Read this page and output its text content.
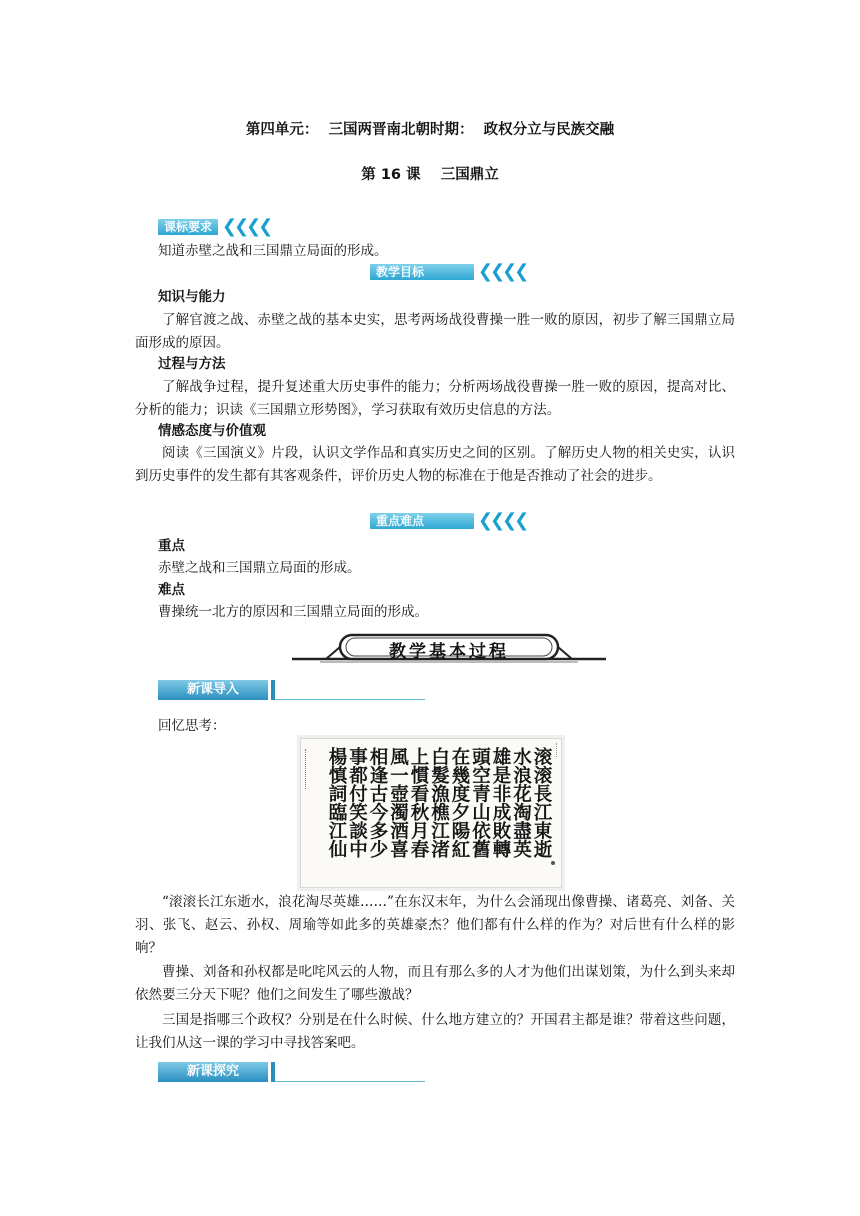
第四单元：  三国两晋南北朝时期：  政权分立与民族交融
第 16 课    三国鼎立
课标要求 ❮❮❮❮
知道赤壁之战和三国鼎立局面的形成。
教学目标	❮❮❮❮
知识与能力
了解官渡之战、赤壁之战的基本史实，思考两场战役曹操一胜一败的原因，初步了解三国鼎立局面形成的原因。
过程与方法
了解战争过程，提升复述重大历史事件的能力；分析两场战役曹操一胜一败的原因，提高对比、分析的能力；识读《三国鼎立形势图》，学习获取有效历史信息的方法。
情感态度与价值观
阅读《三国演义》片段，认识文学作品和真实历史之间的区别。了解历史人物的相关史实，认识到历史事件的发生都有其客观条件，评价历史人物的标准在于他是否推动了社会的进步。
重点难点	❮❮❮❮
重点
赤壁之战和三国鼎立局面的形成。
难点
曹操统一北方的原因和三国鼎立局面的形成。
教学基本过程
新课导入
回忆思考：
滚滚長江東逝
水浪花淘盡英
雄是非成敗轉
頭空青山依舊
在幾度夕陽紅
白髮漁樵江渚
上慣看秋月春
風一壺濁酒喜
相逢古今多少
事都付笑談中
楊慎詞臨江仙
“滚滚长江东逝水，浪花淘尽英雄……”在东汉末年，为什么会涌现出像曹操、诸葛亮、刘备、关羽、张飞、赵云、孙权、周瑜等如此多的英雄豪杰？他们都有什么样的作为？对后世有什么样的影响？
曹操、刘备和孙权都是叱咤风云的人物，而且有那么多的人才为他们出谋划策，为什么到头来却依然要三分天下呢？他们之间发生了哪些激战？
三国是指哪三个政权？分别是在什么时候、什么地方建立的？开国君主都是谁？带着这些问题，让我们从这一课的学习中寻找答案吧。
新课探究
